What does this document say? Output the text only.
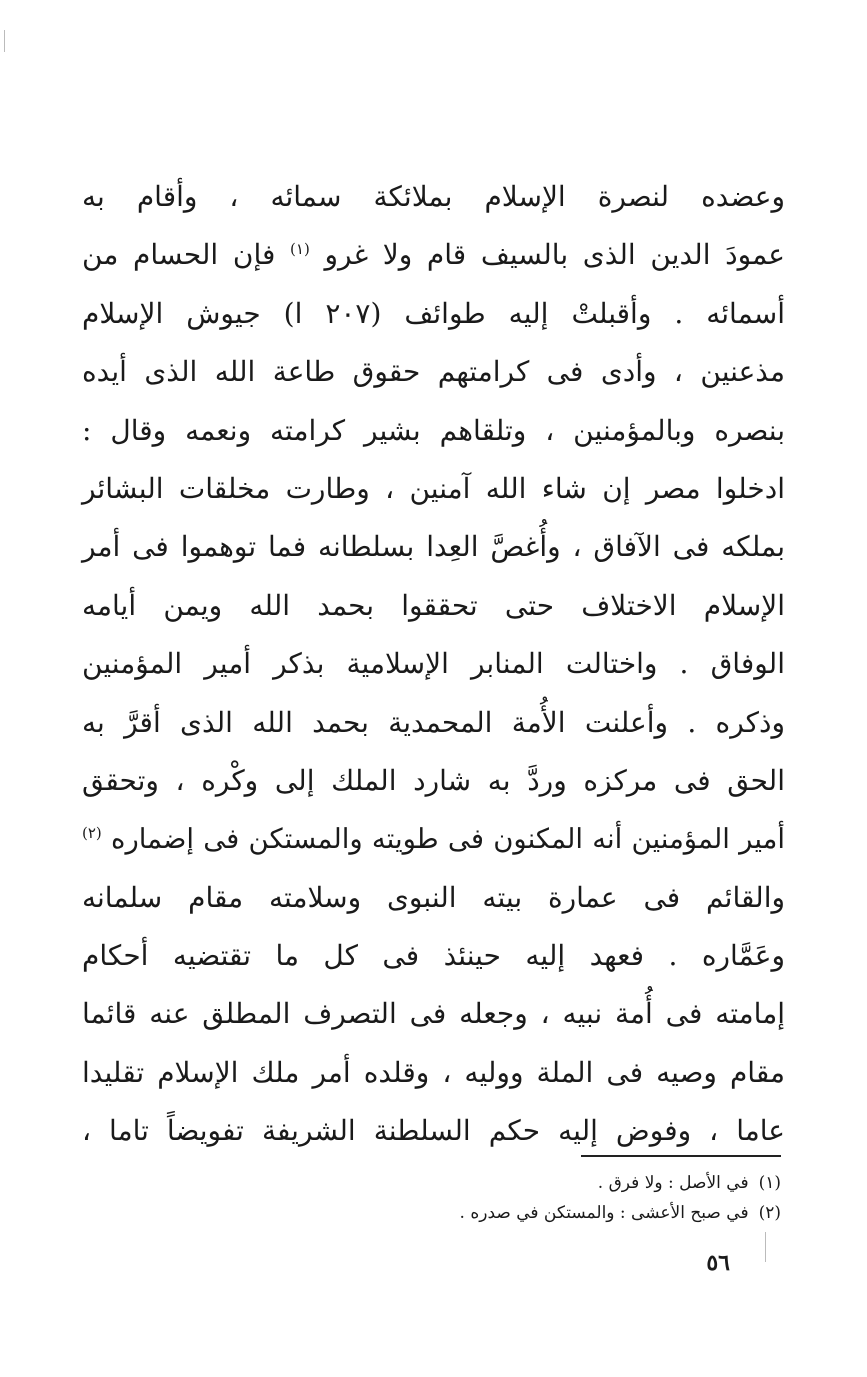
وعضده لنصرة الإسلام بملائكة سمائه ، وأقام به
عمودَ الدين الذى بالسيف قام ولا غرو $^{(١)}$ فإن الحسام من
أسمائه . وأقبلتْ إليه طوائف (٢٠٧ ا) جيوش الإسلام
مذعنين ، وأدى فى كرامتهم حقوق طاعة الله الذى أيده
بنصره وبالمؤمنين ، وتلقاهم بشير كرامته ونعمه وقال :
ادخلوا مصر إن شاء الله آمنين ، وطارت مخلقات البشائر
بملكه فى الآفاق ، وأُغصَّ العِدا بسلطانه فما توهموا فى أمر
الإسلام الاختلاف حتى تحققوا بحمد الله ويمن أيامه
الوفاق . واختالت المنابر الإسلامية بذكر أمير المؤمنين
وذكره . وأعلنت الأُمة المحمدية بحمد الله الذى أقرَّ به
الحق فى مركزه وردَّ به شارد الملك إلى وكْره ، وتحقق
أمير المؤمنين أنه المكنون فى طويته والمستكن فى إضماره $^{(٢)}$
والقائم فى عمارة بيته النبوى وسلامته مقام سلمانه
وعَمَّاره . فعهد إليه حينئذ فى كل ما تقتضيه أحكام
إمامته فى أُمة نبيه ، وجعله فى التصرف المطلق عنه قائما
مقام وصيه فى الملة ووليه ، وقلده أمر ملك الإسلام تقليدا
عاما ، وفوض إليه حكم السلطنة الشريفة تفويضاً تاما ،
(١)في الأصل : ولا فرق .
(٢)في صبح الأعشى : والمستكن في صدره .
٥٦
